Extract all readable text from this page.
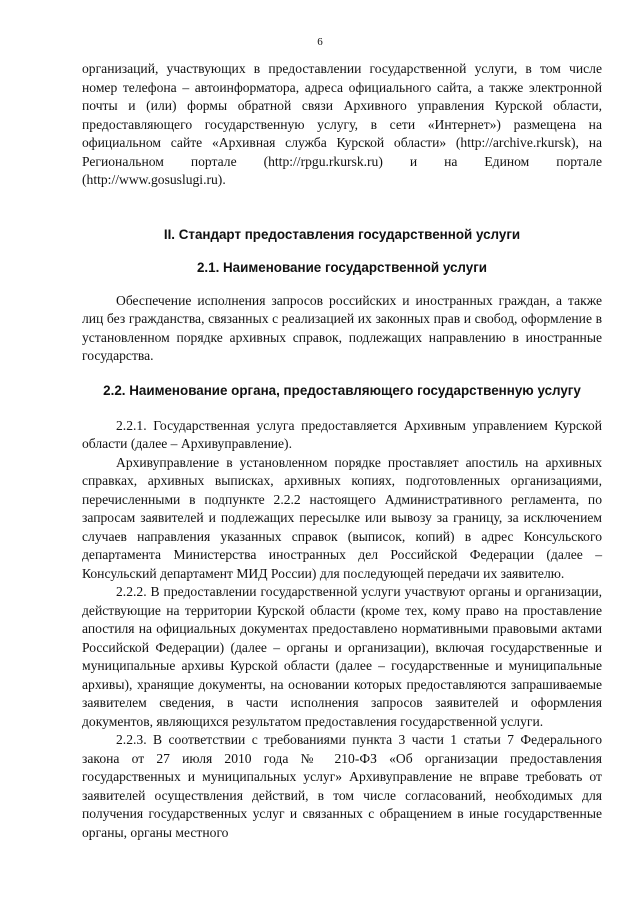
6

организаций, участвующих в предоставлении государственной услуги, в том числе номер телефона – автоинформатора, адреса официального сайта, а также электронной почты и (или) формы обратной связи Архивного управления Курской области, предоставляющего государственную услугу, в сети «Интернет») размещена на официальном сайте «Архивная служба Курской области» (http://archive.rkursk), на Региональном портале (http://rpgu.rkursk.ru) и на Едином портале (http://www.gosuslugi.ru).

II. Стандарт предоставления государственной услуги
2.1. Наименование государственной услуги

Обеспечение исполнения запросов российских и иностранных граждан, а также лиц без гражданства, связанных с реализацией их законных прав и свобод, оформление в установленном порядке архивных справок, подлежащих направлению в иностранные государства.

2.2. Наименование органа, предоставляющего государственную услугу

2.2.1. Государственная услуга предоставляется Архивным управлением Курской области (далее – Архивуправление).

Архивуправление в установленном порядке проставляет апостиль на архивных справках, архивных выписках, архивных копиях, подготовленных организациями, перечисленными в подпункте 2.2.2 настоящего Административного регламента, по запросам заявителей и подлежащих пересылке или вывозу за границу, за исключением случаев направления указанных справок (выписок, копий) в адрес Консульского департамента Министерства иностранных дел Российской Федерации (далее – Консульский департамент МИД России) для последующей передачи их заявителю.

2.2.2. В предоставлении государственной услуги участвуют органы и организации, действующие на территории Курской области (кроме тех, кому право на проставление апостиля на официальных документах предоставлено нормативными правовыми актами Российской Федерации) (далее – органы и организации), включая государственные и муниципальные архивы Курской области (далее – государственные и муниципальные архивы), хранящие документы, на основании которых предоставляются запрашиваемые заявителем сведения, в части исполнения запросов заявителей и оформления документов, являющихся результатом предоставления государственной услуги.

2.2.3. В соответствии с требованиями пункта 3 части 1 статьи 7 Федерального закона от 27 июля 2010 года № 210-ФЗ «Об организации предоставления государственных и муниципальных услуг» Архивуправление не вправе требовать от заявителей осуществления действий, в том числе согласований, необходимых для получения государственных услуг и связанных с обращением в иные государственные органы, органы местного
